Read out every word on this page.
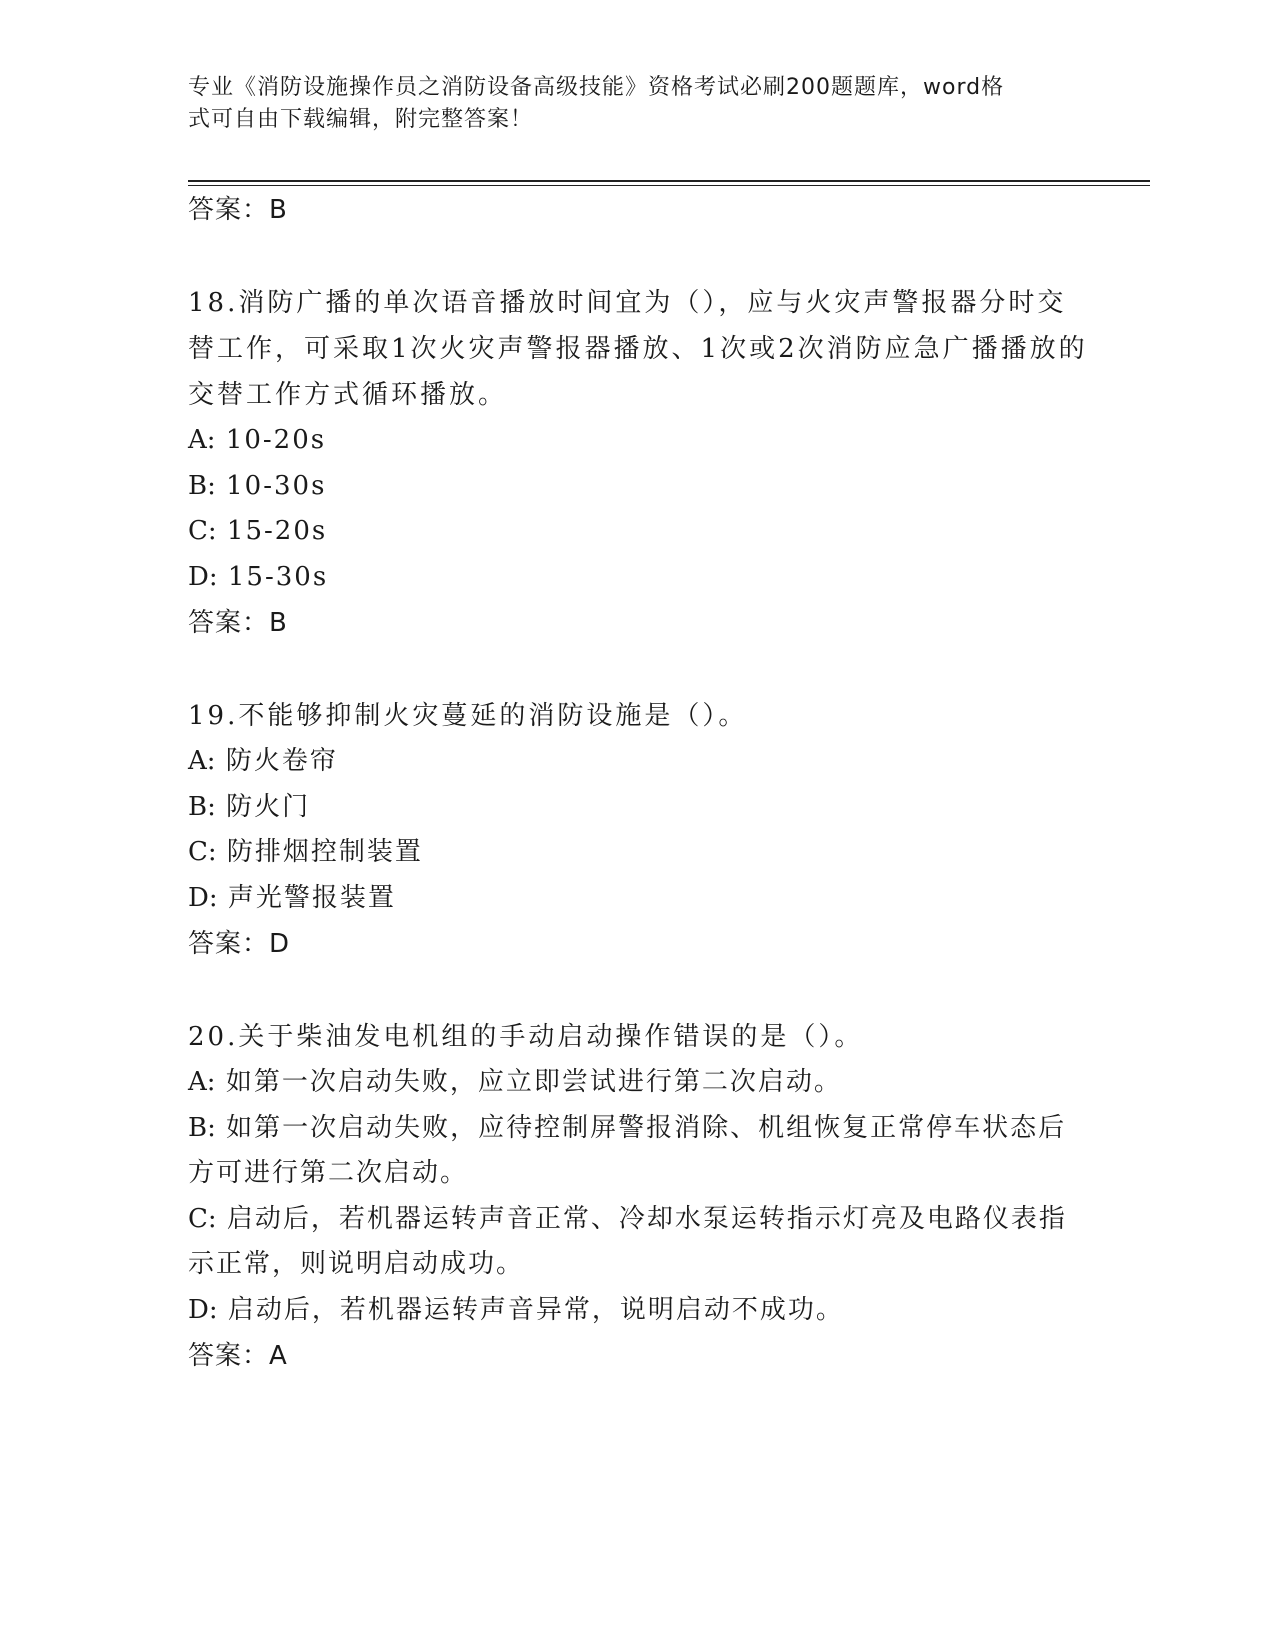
专业《消防设施操作员之消防设备高级技能》资格考试必刷200题题库，word格
式可自由下载编辑，附完整答案！
答案：B
18.消防广播的单次语音播放时间宜为（），应与火灾声警报器分时交替工作，可采取1次火灾声警报器播放、1次或2次消防应急广播播放的交替工作方式循环播放。
A: 10-20s
B: 10-30s
C: 15-20s
D: 15-30s
答案：B
19.不能够抑制火灾蔓延的消防设施是（）。
A: 防火卷帘
B: 防火门
C: 防排烟控制装置
D: 声光警报装置
答案：D
20.关于柴油发电机组的手动启动操作错误的是（）。
A: 如第一次启动失败，应立即尝试进行第二次启动。
B: 如第一次启动失败，应待控制屏警报消除、机组恢复正常停车状态后方可进行第二次启动。
C: 启动后，若机器运转声音正常、冷却水泵运转指示灯亮及电路仪表指示正常，则说明启动成功。
D: 启动后，若机器运转声音异常，说明启动不成功。
答案：A
